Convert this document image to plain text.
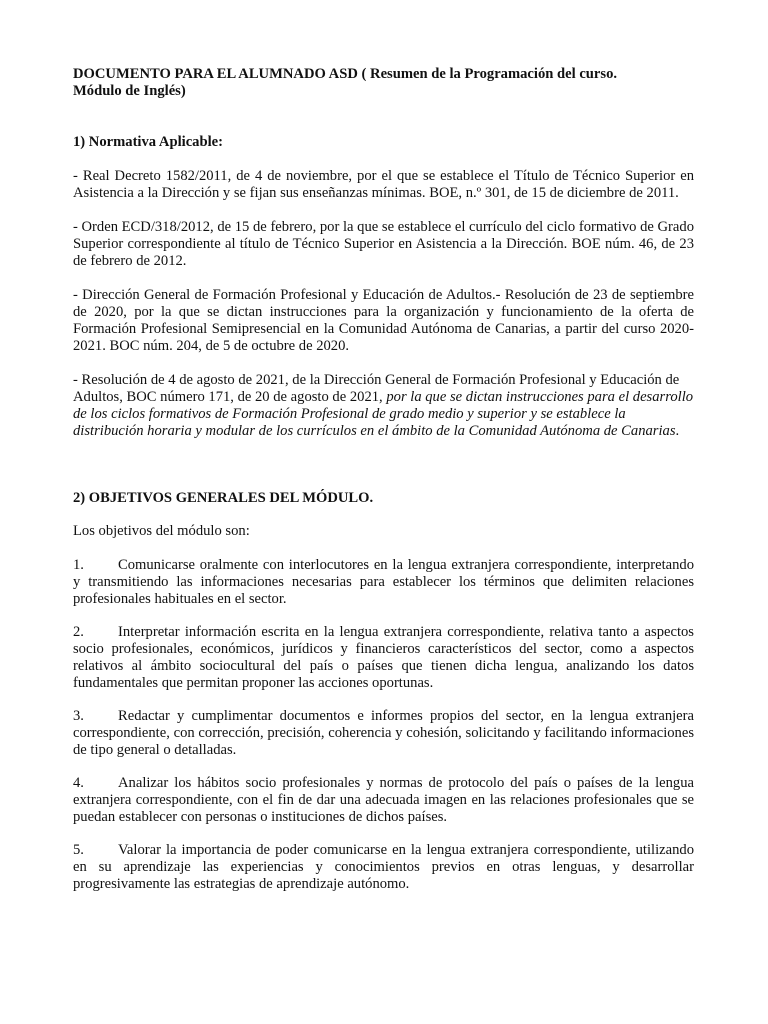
DOCUMENTO PARA EL ALUMNADO ASD ( Resumen de la Programación del curso.
Módulo de Inglés)

1) Normativa Aplicable:

- Real Decreto 1582/2011, de 4 de noviembre, por el que se establece el Título de Técnico Superior en Asistencia a la Dirección y se fijan sus enseñanzas mínimas. BOE, n.º 301, de 15 de diciembre de 2011.

- Orden ECD/318/2012, de 15 de febrero, por la que se establece el currículo del ciclo formativo de Grado Superior correspondiente al título de Técnico Superior en Asistencia a la Dirección. BOE núm. 46, de 23 de febrero de 2012.

- Dirección General de Formación Profesional y Educación de Adultos.- Resolución de 23 de septiembre de 2020, por la que se dictan instrucciones para la organización y funcionamiento de la oferta de Formación Profesional Semipresencial en la Comunidad Autónoma de Canarias, a partir del curso 2020-2021. BOC núm. 204, de 5 de octubre de 2020.

- Resolución de 4 de agosto de 2021, de la Dirección General de Formación Profesional y Educación de Adultos, BOC número 171, de 20 de agosto de 2021, por la que se dictan instrucciones para el desarrollo de los ciclos formativos de Formación Profesional de grado medio y superior y se establece la distribución horaria y modular de los currículos en el ámbito de la Comunidad Autónoma de Canarias.

2) OBJETIVOS GENERALES DEL MÓDULO.

Los objetivos del módulo son:

1. Comunicarse oralmente con interlocutores en la lengua extranjera correspondiente, interpretando y transmitiendo las informaciones necesarias para establecer los términos que delimiten relaciones profesionales habituales en el sector.

2. Interpretar información escrita en la lengua extranjera correspondiente, relativa tanto a aspectos socio profesionales, económicos, jurídicos y financieros característicos del sector, como a aspectos relativos al ámbito sociocultural del país o países que tienen dicha lengua, analizando los datos fundamentales que permitan proponer las acciones oportunas.

3. Redactar y cumplimentar documentos e informes propios del sector, en la lengua extranjera correspondiente, con corrección, precisión, coherencia y cohesión, solicitando y facilitando informaciones de tipo general o detalladas.

4. Analizar los hábitos socio profesionales y normas de protocolo del país o países de la lengua extranjera correspondiente, con el fin de dar una adecuada imagen en las relaciones profesionales que se puedan establecer con personas o instituciones de dichos países.

5. Valorar la importancia de poder comunicarse en la lengua extranjera correspondiente, utilizando en su aprendizaje las experiencias y conocimientos previos en otras lenguas, y desarrollar progresivamente las estrategias de aprendizaje autónomo.
